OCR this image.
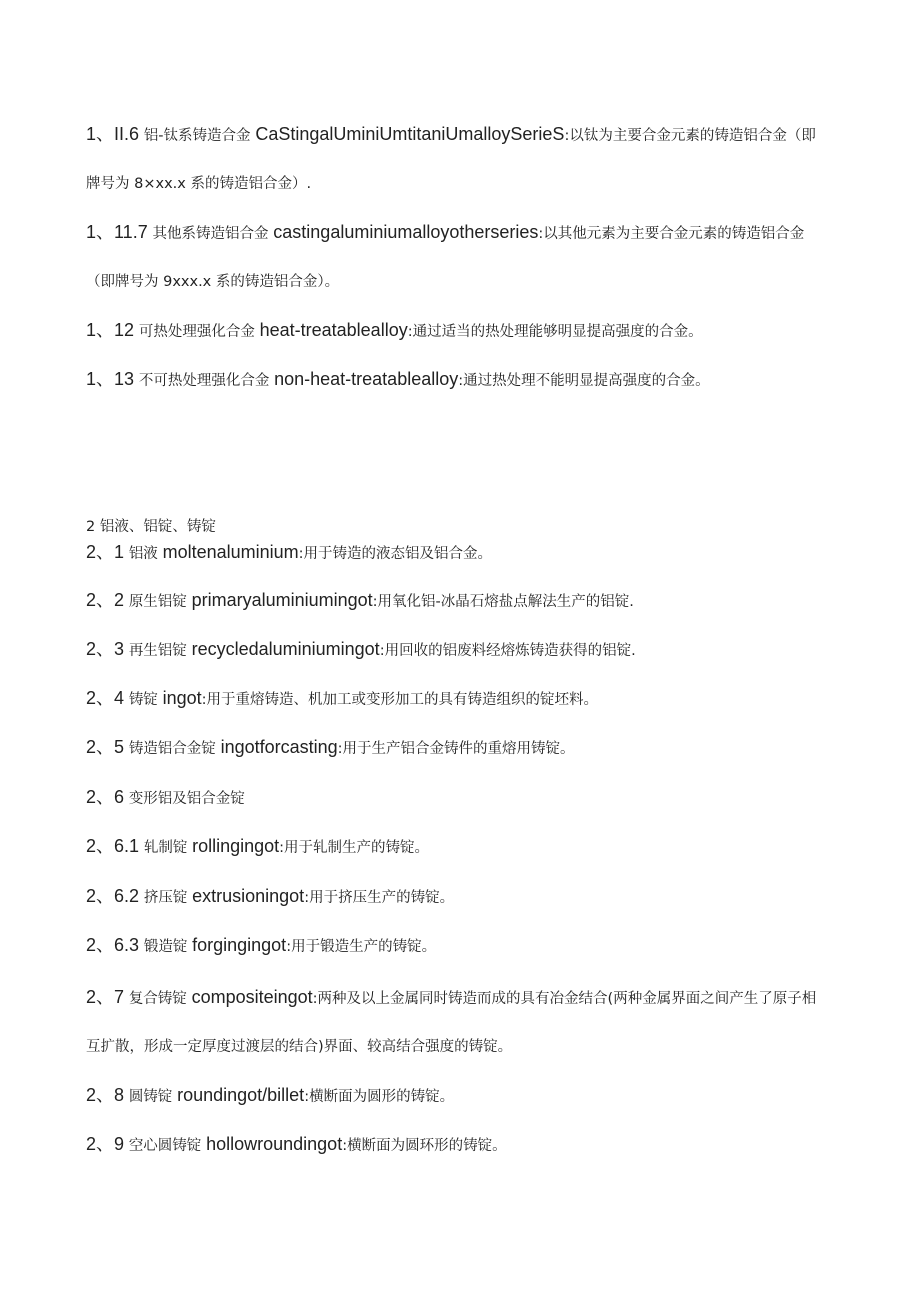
1、II.6 铝-钛系铸造合金 CaStingalUminiUmtitaniUmalloySerieS:以钛为主要合金元素的铸造铝合金（即

牌号为 8×xx.x 系的铸造铝合金）.

1、11.7 其他系铸造铝合金 castingaluminiumalloyotherseries:以其他元素为主要合金元素的铸造铝合金

（即牌号为 9xxx.x 系的铸造铝合金）。

1、12 可热处理强化合金 heat-treatablealloy:通过适当的热处理能够明显提高强度的合金。

1、13 不可热处理强化合金 non-heat-treatablealloy:通过热处理不能明显提高强度的合金。

2 铝液、铝锭、铸锭

2、1 铝液 moltenaluminium:用于铸造的液态铝及铝合金。

2、2 原生铝锭 primaryaluminiumingot:用氧化铝-冰晶石熔盐点解法生产的铝锭.

2、3 再生铝锭 recycledaluminiumingot:用回收的铝废料经熔炼铸造获得的铝锭.

2、4 铸锭 ingot:用于重熔铸造、机加工或变形加工的具有铸造组织的锭坯料。

2、5 铸造铝合金锭 ingotforcasting:用于生产铝合金铸件的重熔用铸锭。

2、6 变形铝及铝合金锭

2、6.1 轧制锭 rollingingot:用于轧制生产的铸锭。

2、6.2 挤压锭 extrusioningot:用于挤压生产的铸锭。

2、6.3 锻造锭 forgingingot:用于锻造生产的铸锭。

2、7 复合铸锭 compositeingot:两种及以上金属同时铸造而成的具有冶金结合(两种金属界面之间产生了原子相

互扩散，形成一定厚度过渡层的结合)界面、较高结合强度的铸锭。

2、8 圆铸锭 roundingot/billet:横断面为圆形的铸锭。

2、9 空心圆铸锭 hollowroundingot:横断面为圆环形的铸锭。
